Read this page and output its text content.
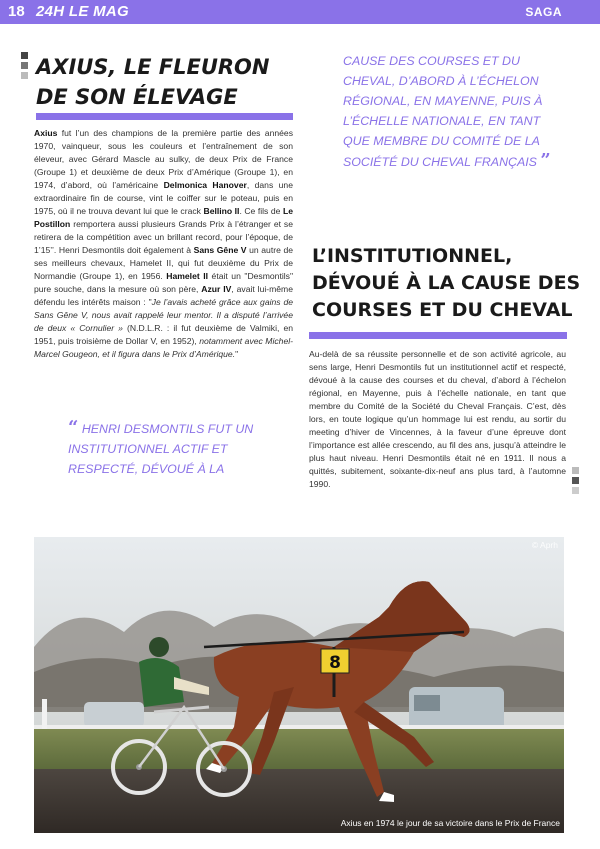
18 24H LE MAG	SAGA
AXIUS, LE FLEURON DE SON ÉLEVAGE

Axius fut l’un des champions de la première partie des années 1970, vainqueur, sous les couleurs et l’entraînement de son éleveur, avec Gérard Mascle au sulky, de deux Prix de France (Groupe 1) et deuxième de deux Prix d’Amérique (Groupe 1), en 1974, d’abord, où l’américaine Delmonica Hanover, dans une extraordinaire fin de course, vint le coiffer sur le poteau, puis en 1975, où il ne trouva devant lui que le crack Bellino II. Ce fils de Le Postillon remportera aussi plusieurs Grands Prix à l’étranger et se retirera de la compétition avec un brillant record, pour l’époque, de 1’15’’. Henri Desmontils doit également à Sans Gêne V un autre de ses meilleurs chevaux, Hamelet II, qui fut deuxième du Prix de Normandie (Groupe 1), en 1956. Hamelet II était un "Desmontils" pure souche, dans la mesure où son père, Azur IV, avait lui-même défendu les intérêts maison : "Je l’avais acheté grâce aux gains de Sans Gêne V, nous avait rappelé leur mentor. Il a disputé l’arrivée de deux « Cornulier » (N.D.L.R. : il fut deuxième de Valmiki, en 1951, puis troisième de Dollar V, en 1952), notamment avec Michel-Marcel Gougeon, et il figura dans le Prix d’Amérique."

“ HENRI DESMONTILS FUT UN INSTITUTIONNEL ACTIF ET RESPECTÉ, DÉVOUÉ À LA

CAUSE DES COURSES ET DU CHEVAL, D’ABORD À L’ÉCHELON RÉGIONAL, EN MAYENNE, PUIS À L’ÉCHELLE NATIONALE, EN TANT QUE MEMBRE DU COMITÉ DE LA SOCIÉTÉ DU CHEVAL FRANÇAIS ”

L’INSTITUTIONNEL, DÉVOUÉ À LA CAUSE DES COURSES ET DU CHEVAL

Au-delà de sa réussite personnelle et de son activité agricole, au sens large, Henri Desmontils fut un institutionnel actif et respecté, dévoué à la cause des courses et du cheval, d’abord à l’échelon régional, en Mayenne, puis à l’échelle nationale, en tant que membre du Comité de la Société du Cheval Français. C’est, dès lors, en toute logique qu’un hommage lui est rendu, au sortir du meeting d’hiver de Vincennes, à la faveur d’une épreuve dont l’importance est allée crescendo, au fil des ans, jusqu’à atteindre le plus haut niveau. Henri Desmontils était né en 1911. Il nous a quittés, subitement, soixante-dix-neuf ans plus tard, à l’automne 1990.

8
© Aprh
Axius en 1974 le jour de sa victoire dans le Prix de France
